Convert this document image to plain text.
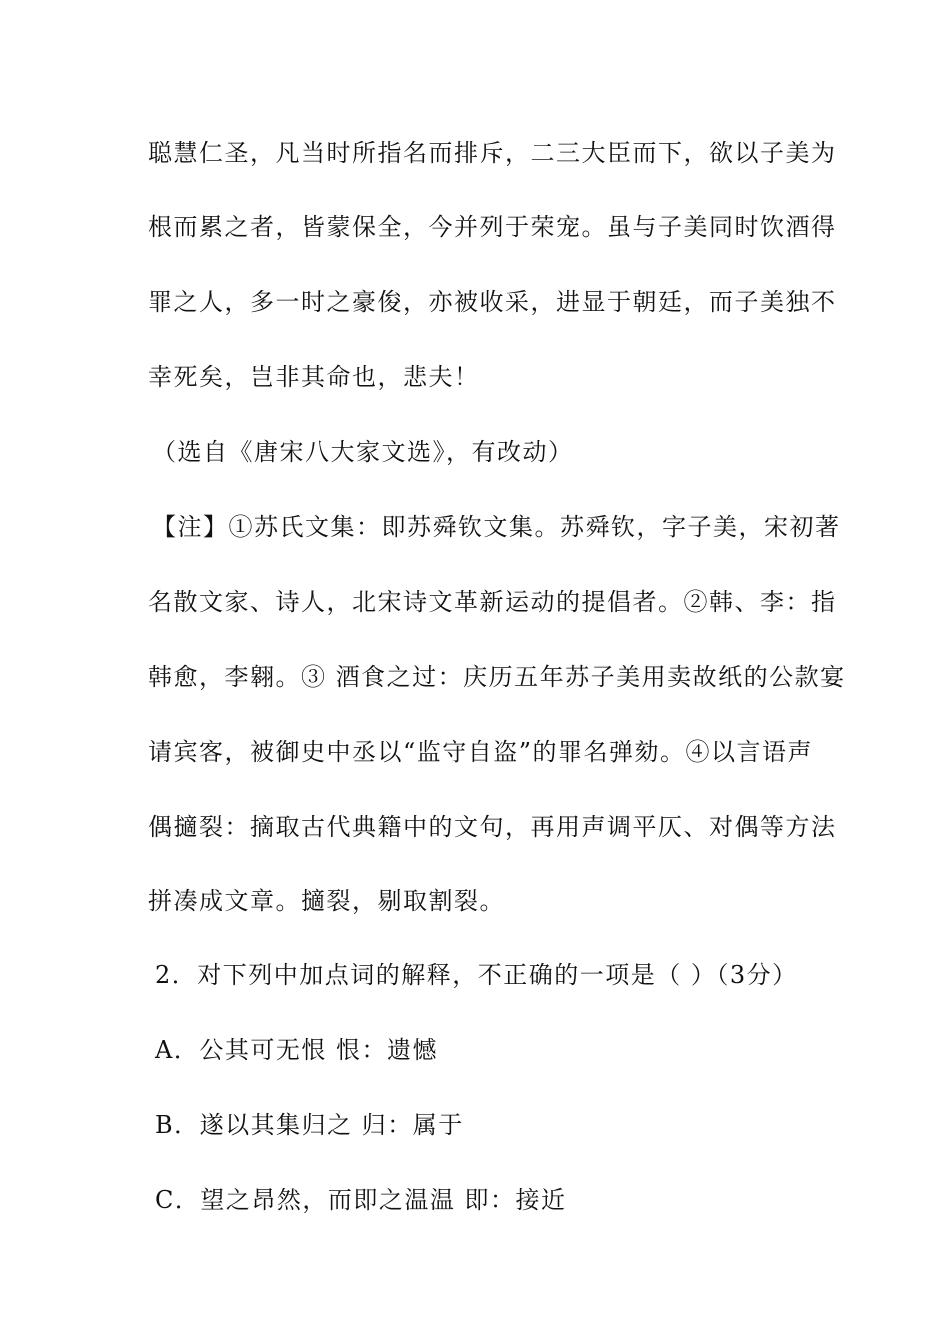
聪慧仁圣，凡当时所指名而排斥，二三大臣而下，欲以子美为
根而累之者，皆蒙保全，今并列于荣宠。虽与子美同时饮酒得
罪之人，多一时之豪俊，亦被收采，进显于朝廷，而子美独不
幸死矣，岂非其命也，悲夫！
（选自《唐宋八大家文选》，有改动）
【注】①苏氏文集：即苏舜钦文集。苏舜钦，字子美，宋初著
名散文家、诗人，北宋诗文革新运动的提倡者。②韩、李：指
韩愈，李翱。③ 酒食之过：庆历五年苏子美用卖故纸的公款宴
请宾客，被御史中丞以“监守自盗”的罪名弹劾。④以言语声
偶擿裂：摘取古代典籍中的文句，再用声调平仄、对偶等方法
拼凑成文章。擿裂，剔取割裂。
2．对下列中加点词的解释，不正确的一项是（ ）（3分）
A．公其可无恨 恨：遗憾
B．遂以其集归之 归：属于
C．望之昂然，而即之温温 即：接近
